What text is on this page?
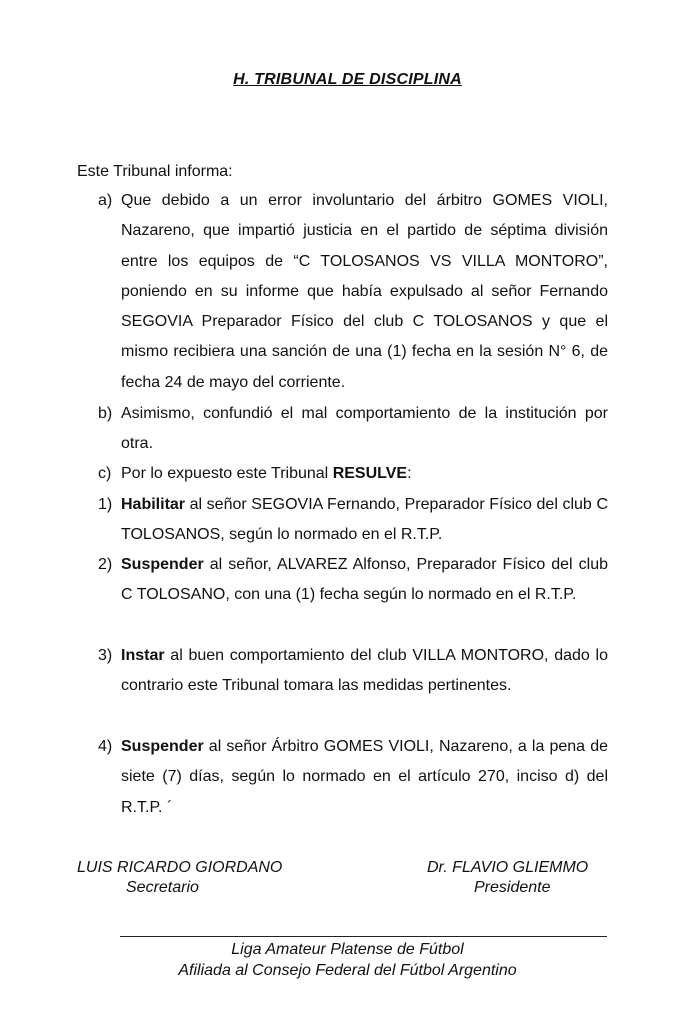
H. TRIBUNAL DE DISCIPLINA
Este Tribunal informa:
a) Que debido a un error involuntario del árbitro GOMES VIOLI, Nazareno, que impartió justicia en el partido de séptima división entre los equipos de “C TOLOSANOS VS VILLA MONTORO”, poniendo en su informe que había expulsado al señor Fernando SEGOVIA Preparador Físico del club C TOLOSANOS y que el mismo recibiera una sanción de una (1) fecha en la sesión N° 6, de fecha 24 de mayo del corriente.
b) Asimismo, confundió el mal comportamiento de la institución por otra.
c) Por lo expuesto este Tribunal RESULVE:
1) Habilitar al señor SEGOVIA Fernando, Preparador Físico del club C TOLOSANOS, según lo normado en el R.T.P.
2) Suspender al señor, ALVAREZ Alfonso, Preparador Físico del club C TOLOSANO, con una (1) fecha según lo normado en el R.T.P.
3) Instar al buen comportamiento del club VILLA MONTORO, dado lo contrario este Tribunal tomara las medidas pertinentes.
4) Suspender al señor Árbitro GOMES VIOLI, Nazareno, a la pena de siete (7) días, según lo normado en el artículo 270, inciso d) del R.T.P. ´
LUIS RICARDO GIORDANO
Secretario
Dr. FLAVIO GLIEMMO
Presidente
Liga Amateur Platense de Fútbol
Afiliada al Consejo Federal del Fútbol Argentino
